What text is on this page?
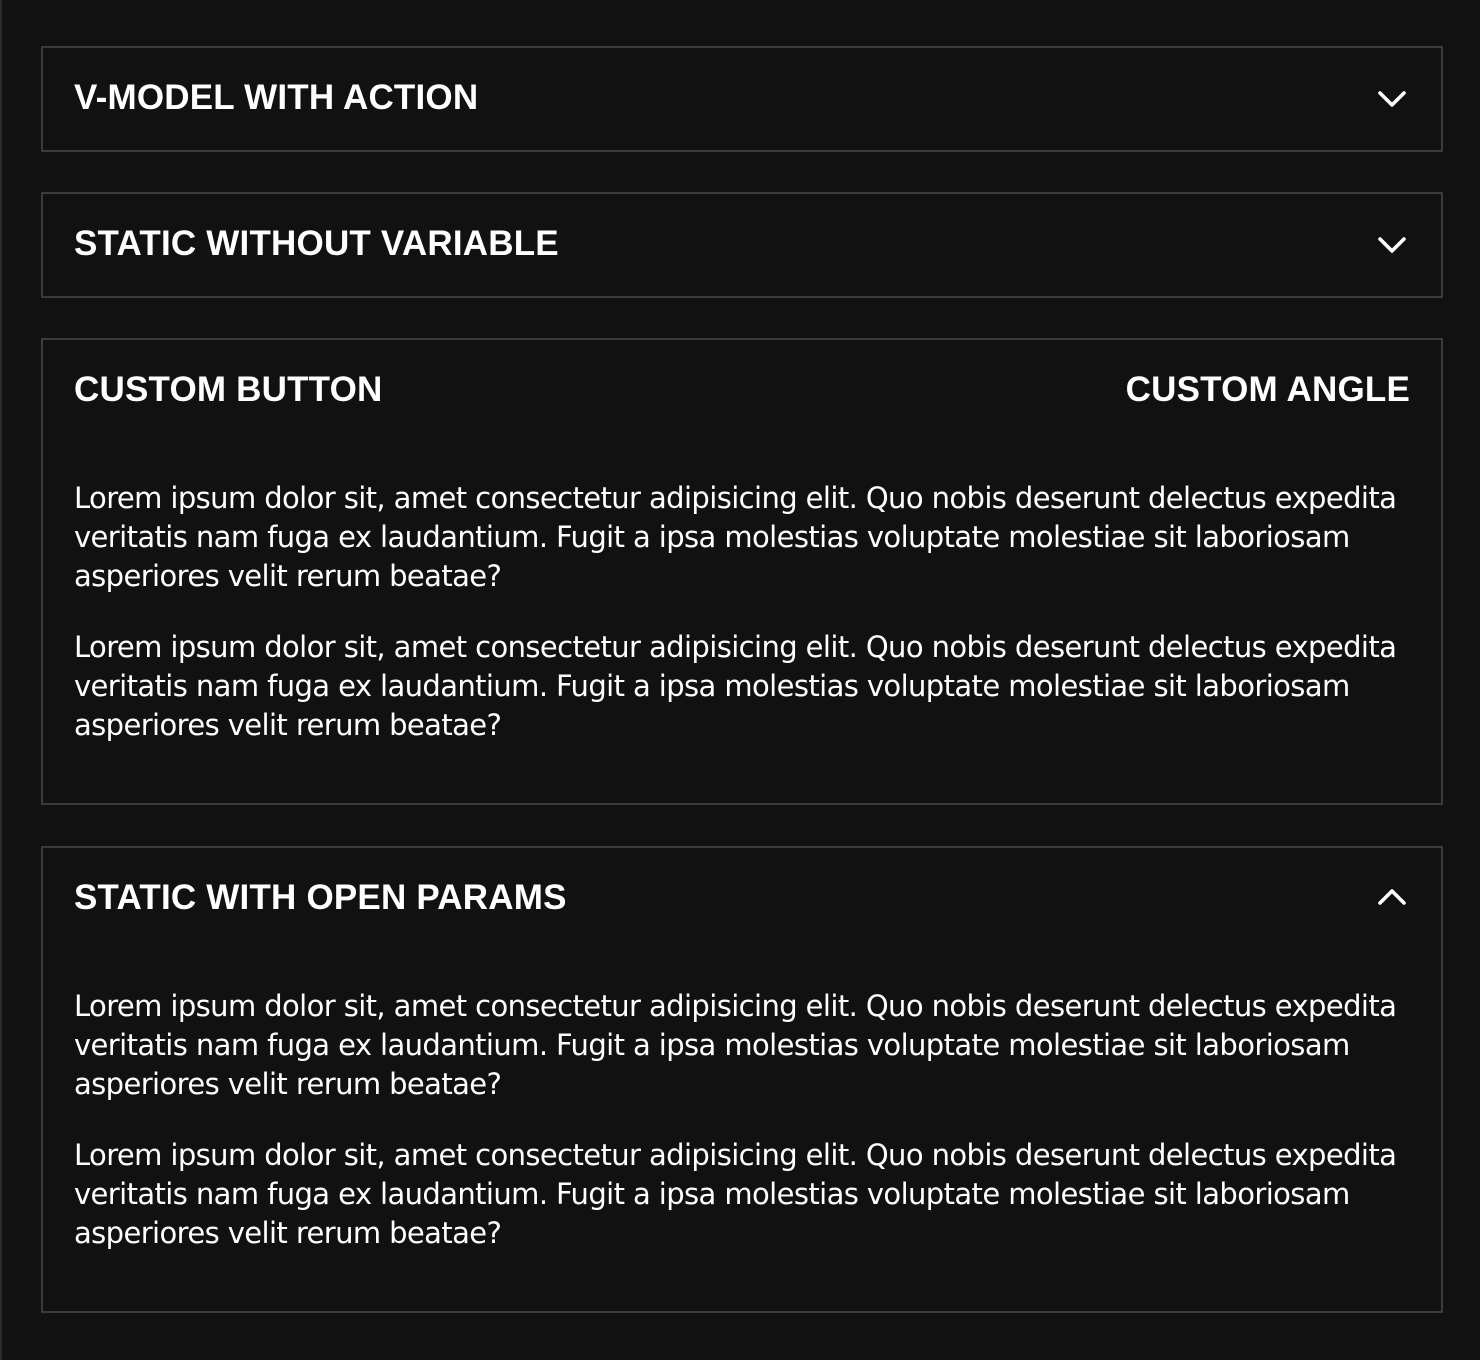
V-MODEL WITH ACTION
STATIC WITHOUT VARIABLE
CUSTOM BUTTON	CUSTOM ANGLE

Lorem ipsum dolor sit, amet consectetur adipisicing elit. Quo nobis deserunt delectus expedita veritatis nam fuga ex laudantium. Fugit a ipsa molestias voluptate molestiae sit laboriosam asperiores velit rerum beatae?

Lorem ipsum dolor sit, amet consectetur adipisicing elit. Quo nobis deserunt delectus expedita veritatis nam fuga ex laudantium. Fugit a ipsa molestias voluptate molestiae sit laboriosam asperiores velit rerum beatae?

STATIC WITH OPEN PARAMS

Lorem ipsum dolor sit, amet consectetur adipisicing elit. Quo nobis deserunt delectus expedita veritatis nam fuga ex laudantium. Fugit a ipsa molestias voluptate molestiae sit laboriosam asperiores velit rerum beatae?

Lorem ipsum dolor sit, amet consectetur adipisicing elit. Quo nobis deserunt delectus expedita veritatis nam fuga ex laudantium. Fugit a ipsa molestias voluptate molestiae sit laboriosam asperiores velit rerum beatae?
